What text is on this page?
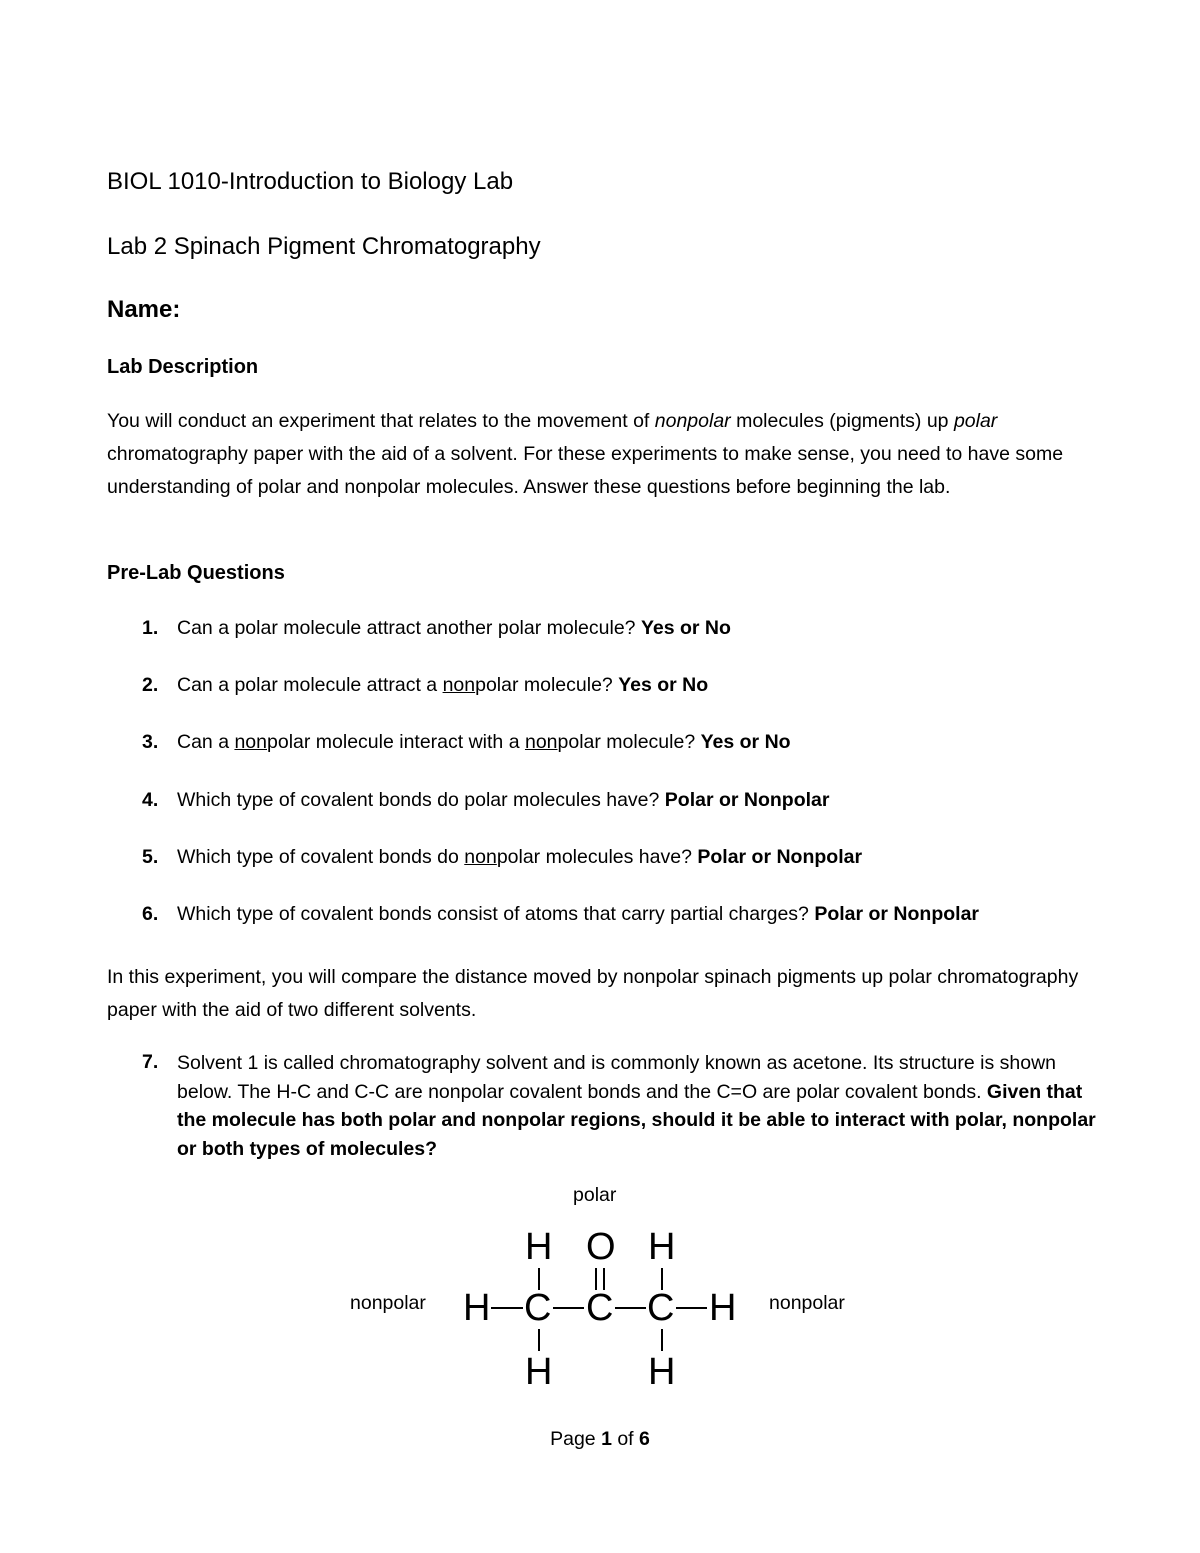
BIOL 1010-Introduction to Biology Lab
Lab 2 Spinach Pigment Chromatography
Name:
Lab Description
You will conduct an experiment that relates to the movement of nonpolar molecules (pigments) up polar chromatography paper with the aid of a solvent. For these experiments to make sense, you need to have some understanding of polar and nonpolar molecules. Answer these questions before beginning the lab.
Pre-Lab Questions
1. Can a polar molecule attract another polar molecule? Yes or No
2. Can a polar molecule attract a nonpolar molecule? Yes or No
3. Can a nonpolar molecule interact with a nonpolar molecule? Yes or No
4. Which type of covalent bonds do polar molecules have? Polar or Nonpolar
5. Which type of covalent bonds do nonpolar molecules have? Polar or Nonpolar
6. Which type of covalent bonds consist of atoms that carry partial charges? Polar or Nonpolar
In this experiment, you will compare the distance moved by nonpolar spinach pigments up polar chromatography paper with the aid of two different solvents.
7. Solvent 1 is called chromatography solvent and is commonly known as acetone. Its structure is shown below. The H-C and C-C are nonpolar covalent bonds and the C=O are polar covalent bonds. Given that the molecule has both polar and nonpolar regions, should it be able to interact with polar, nonpolar or both types of molecules?
polar
nonpolar	nonpolar
H O H
H C C C H
H	H
Page 1 of 6
